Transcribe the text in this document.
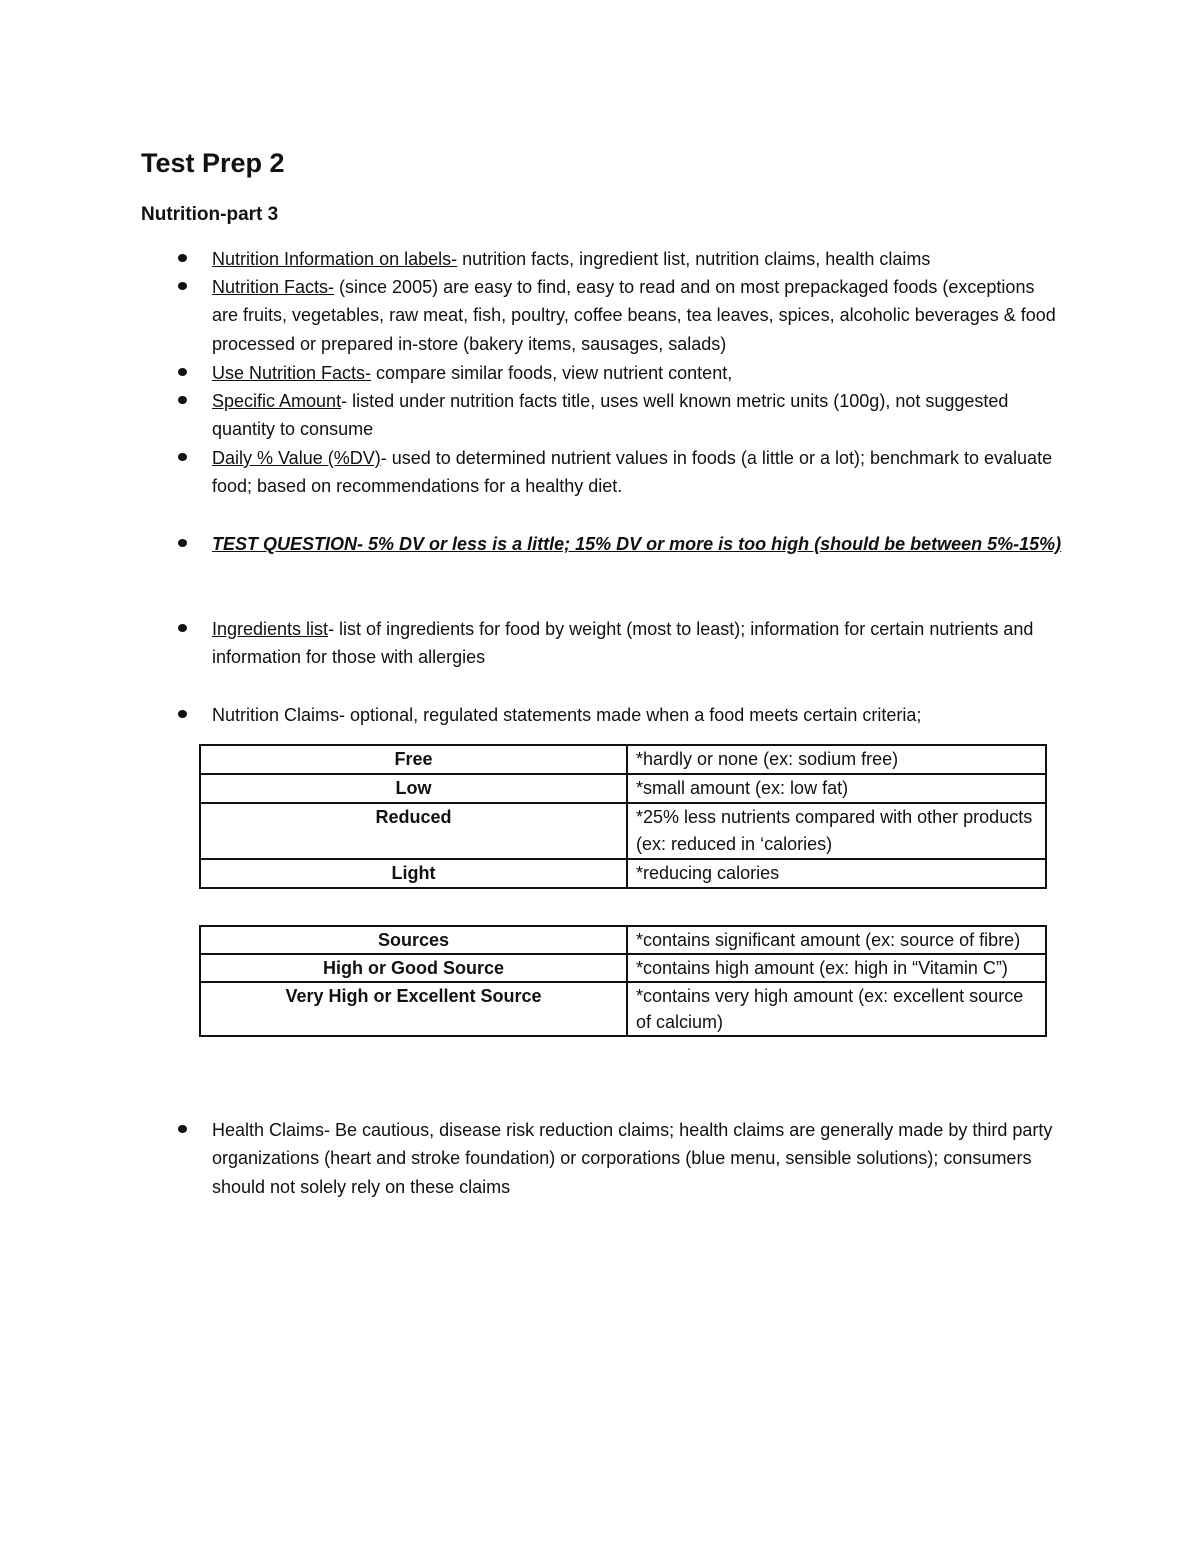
Test Prep 2
Nutrition-part 3
Nutrition Information on labels- nutrition facts, ingredient list, nutrition claims, health claims
Nutrition Facts- (since 2005) are easy to find, easy to read and on most prepackaged foods (exceptions are fruits, vegetables, raw meat, fish, poultry, coffee beans, tea leaves, spices, alcoholic beverages & food processed or prepared in-store (bakery items, sausages, salads)
Use Nutrition Facts- compare similar foods, view nutrient content,
Specific Amount- listed under nutrition facts title, uses well known metric units (100g), not suggested quantity to consume
Daily % Value (%DV)- used to determined nutrient values in foods (a little or a lot); benchmark to evaluate food; based on recommendations for a healthy diet.
TEST QUESTION- 5% DV or less is a little; 15% DV or more is too high (should be between 5%-15%)
Ingredients list- list of ingredients for food by weight (most to least); information for certain nutrients and information for those with allergies
Nutrition Claims- optional, regulated statements made when a food meets certain criteria;
Health Claims- Be cautious, disease risk reduction claims; health claims are generally made by third party organizations (heart and stroke foundation) or corporations (blue menu, sensible solutions); consumers should not solely rely on these claims
Free	*hardly or none (ex: sodium free)
Low	*small amount (ex: low fat)
Reduced	*25% less nutrients compared with other products (ex: reduced in ‘calories)
Light	*reducing calories
Sources	*contains significant amount (ex: source of fibre)
High or Good Source	*contains high amount (ex: high in “Vitamin C”)
Very High or Excellent Source	*contains very high amount (ex: excellent source of calcium)
